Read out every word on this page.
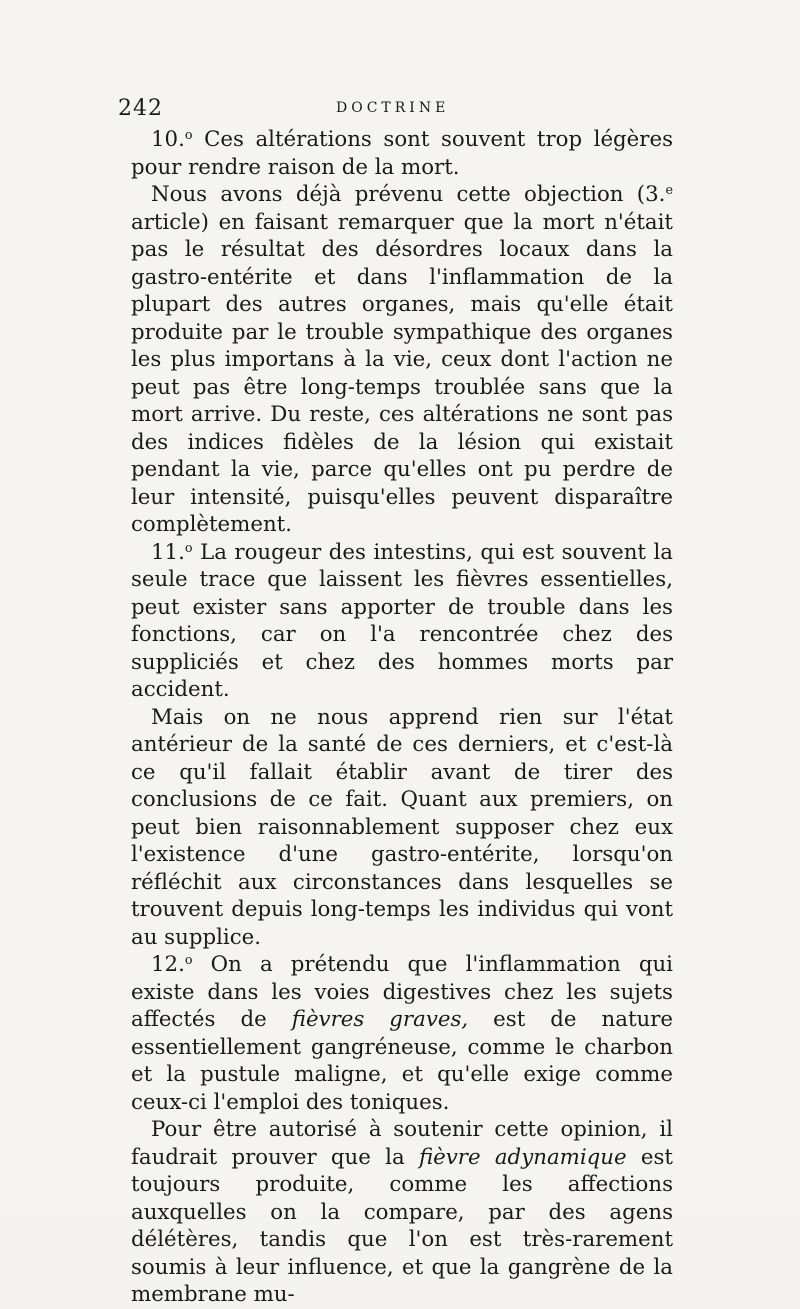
242	DOCTRINE

10.$^o$ Ces altérations sont souvent trop légères pour rendre raison de la mort.

Nous avons déjà prévenu cette objection (3.$^e$ article) en faisant remarquer que la mort n'était pas le résultat des désordres locaux dans la gastro-entérite et dans l'inflammation de la plupart des autres organes, mais qu'elle était produite par le trouble sympathique des organes les plus importans à la vie, ceux dont l'action ne peut pas être long-temps troublée sans que la mort arrive. Du reste, ces altérations ne sont pas des indices fidèles de la lésion qui existait pendant la vie, parce qu'elles ont pu perdre de leur intensité, puisqu'elles peuvent disparaître complètement.

11.$^o$ La rougeur des intestins, qui est souvent la seule trace que laissent les fièvres essentielles, peut exister sans apporter de trouble dans les fonctions, car on l'a rencontrée chez des suppliciés et chez des hommes morts par accident.

Mais on ne nous apprend rien sur l'état antérieur de la santé de ces derniers, et c'est-là ce qu'il fallait établir avant de tirer des conclusions de ce fait. Quant aux premiers, on peut bien raisonnablement supposer chez eux l'existence d'une gastro-entérite, lorsqu'on réfléchit aux circonstances dans lesquelles se trouvent depuis long-temps les individus qui vont au supplice.

12.$^o$ On a prétendu que l'inflammation qui existe dans les voies digestives chez les sujets affectés de fièvres graves, est de nature essentiellement gangréneuse, comme le charbon et la pustule maligne, et qu'elle exige comme ceux-ci l'emploi des toniques.

Pour être autorisé à soutenir cette opinion, il faudrait prouver que la fièvre adynamique est toujours produite, comme les affections auxquelles on la compare, par des agens délétères, tandis que l'on est très-rarement soumis à leur influence, et que la gangrène de la membrane mu-
